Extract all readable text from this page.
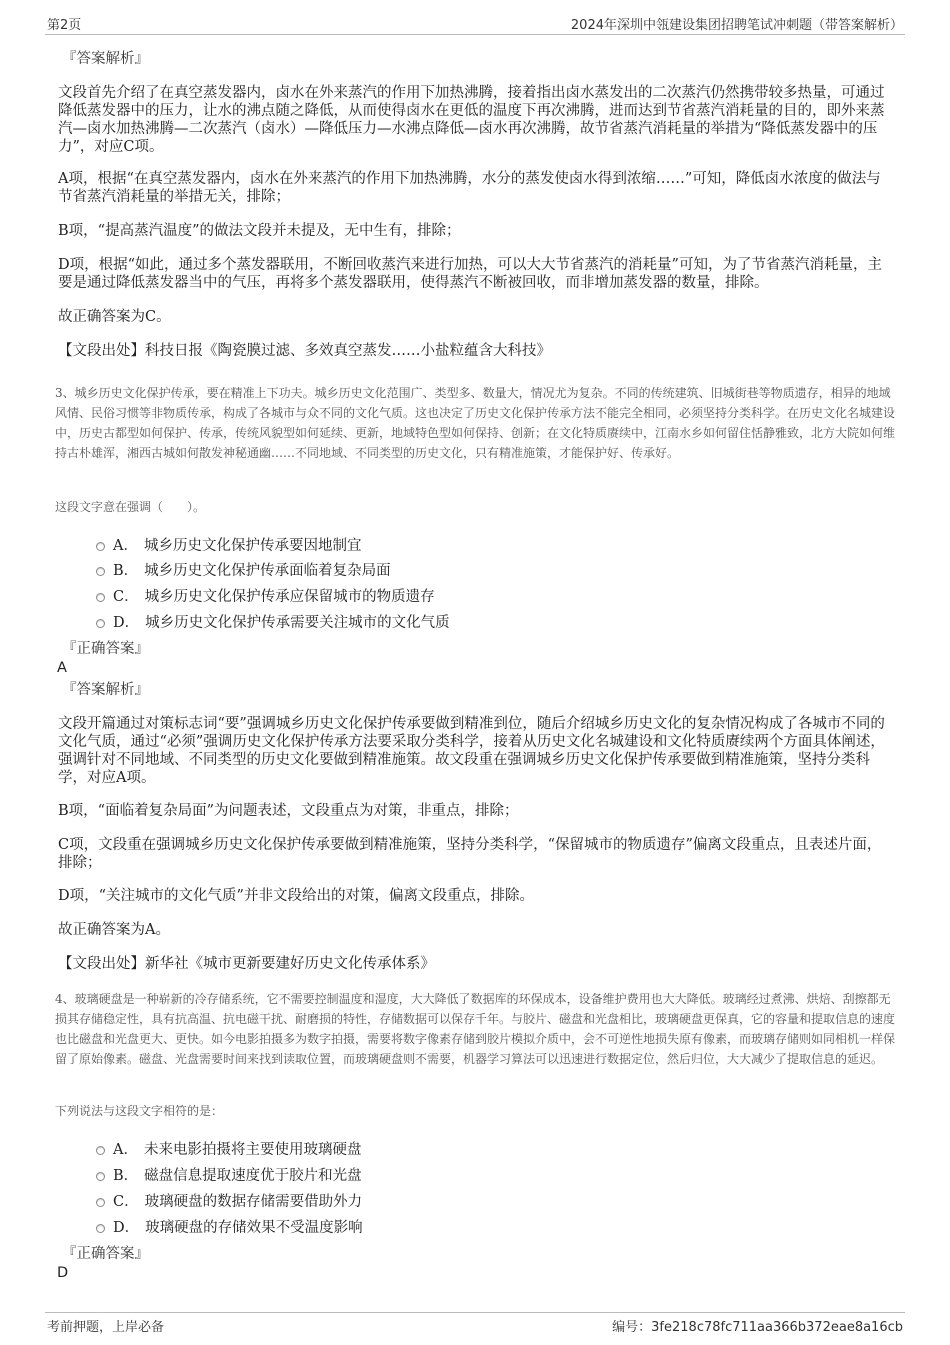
第2页	2024年深圳中瓴建设集团招聘笔试冲刺题（带答案解析）
『答案解析』

文段首先介绍了在真空蒸发器内，卤水在外来蒸汽的作用下加热沸腾，接着指出卤水蒸发出的二次蒸汽仍然携带较多热量，可通过降低蒸发器中的压力，让水的沸点随之降低，从而使得卤水在更低的温度下再次沸腾，进而达到节省蒸汽消耗量的目的，即外来蒸汽—卤水加热沸腾—二次蒸汽（卤水）—降低压力—水沸点降低—卤水再次沸腾，故节省蒸汽消耗量的举措为“降低蒸发器中的压力”，对应C项。

A项，根据“在真空蒸发器内，卤水在外来蒸汽的作用下加热沸腾，水分的蒸发使卤水得到浓缩……”可知，降低卤水浓度的做法与节省蒸汽消耗量的举措无关，排除；

B项，“提高蒸汽温度”的做法文段并未提及，无中生有，排除；

D项，根据“如此，通过多个蒸发器联用，不断回收蒸汽来进行加热，可以大大节省蒸汽的消耗量”可知，为了节省蒸汽消耗量，主要是通过降低蒸发器当中的气压，再将多个蒸发器联用，使得蒸汽不断被回收，而非增加蒸发器的数量，排除。

故正确答案为C。

【文段出处】科技日报《陶瓷膜过滤、多效真空蒸发……小盐粒蕴含大科技》

3、城乡历史文化保护传承，要在精准上下功夫。城乡历史文化范围广、类型多、数量大，情况尤为复杂。不同的传统建筑、旧城街巷等物质遗存，相异的地域风情、民俗习惯等非物质传承，构成了各城市与众不同的文化气质。这也决定了历史文化保护传承方法不能完全相同，必须坚持分类科学。在历史文化名城建设中，历史古都型如何保护、传承，传统风貌型如何延续、更新，地域特色型如何保持、创新；在文化特质赓续中，江南水乡如何留住恬静雅致，北方大院如何维持古朴雄浑，湘西古城如何散发神秘通幽……不同地域、不同类型的历史文化，只有精准施策，才能保护好、传承好。

这段文字意在强调（　　）。

A． 城乡历史文化保护传承要因地制宜
B． 城乡历史文化保护传承面临着复杂局面
C． 城乡历史文化保护传承应保留城市的物质遗存
D． 城乡历史文化保护传承需要关注城市的文化气质
『正确答案』
A
『答案解析』

文段开篇通过对策标志词“要”强调城乡历史文化保护传承要做到精准到位，随后介绍城乡历史文化的复杂情况构成了各城市不同的文化气质，通过“必须”强调历史文化保护传承方法要采取分类科学，接着从历史文化名城建设和文化特质赓续两个方面具体阐述，强调针对不同地域、不同类型的历史文化要做到精准施策。故文段重在强调城乡历史文化保护传承要做到精准施策，坚持分类科学，对应A项。

B项，“面临着复杂局面”为问题表述，文段重点为对策，非重点，排除；

C项，文段重在强调城乡历史文化保护传承要做到精准施策，坚持分类科学，“保留城市的物质遗存”偏离文段重点，且表述片面，排除；

D项，“关注城市的文化气质”并非文段给出的对策，偏离文段重点，排除。

故正确答案为A。

【文段出处】新华社《城市更新要建好历史文化传承体系》

4、玻璃硬盘是一种崭新的冷存储系统，它不需要控制温度和湿度，大大降低了数据库的环保成本，设备维护费用也大大降低。玻璃经过煮沸、烘焙、刮擦都无损其存储稳定性，具有抗高温、抗电磁干扰、耐磨损的特性，存储数据可以保存千年。与胶片、磁盘和光盘相比，玻璃硬盘更保真，它的容量和提取信息的速度也比磁盘和光盘更大、更快。如今电影拍摄多为数字拍摄，需要将数字像素存储到胶片模拟介质中，会不可逆性地损失原有像素，而玻璃存储则如同相机一样保留了原始像素。磁盘、光盘需要时间来找到读取位置，而玻璃硬盘则不需要，机器学习算法可以迅速进行数据定位，然后归位，大大减少了提取信息的延迟。

下列说法与这段文字相符的是：

A． 未来电影拍摄将主要使用玻璃硬盘
B． 磁盘信息提取速度优于胶片和光盘
C． 玻璃硬盘的数据存储需要借助外力
D． 玻璃硬盘的存储效果不受温度影响
『正确答案』
D
考前押题，上岸必备	编号：3fe218c78fc711aa366b372eae8a16cb
